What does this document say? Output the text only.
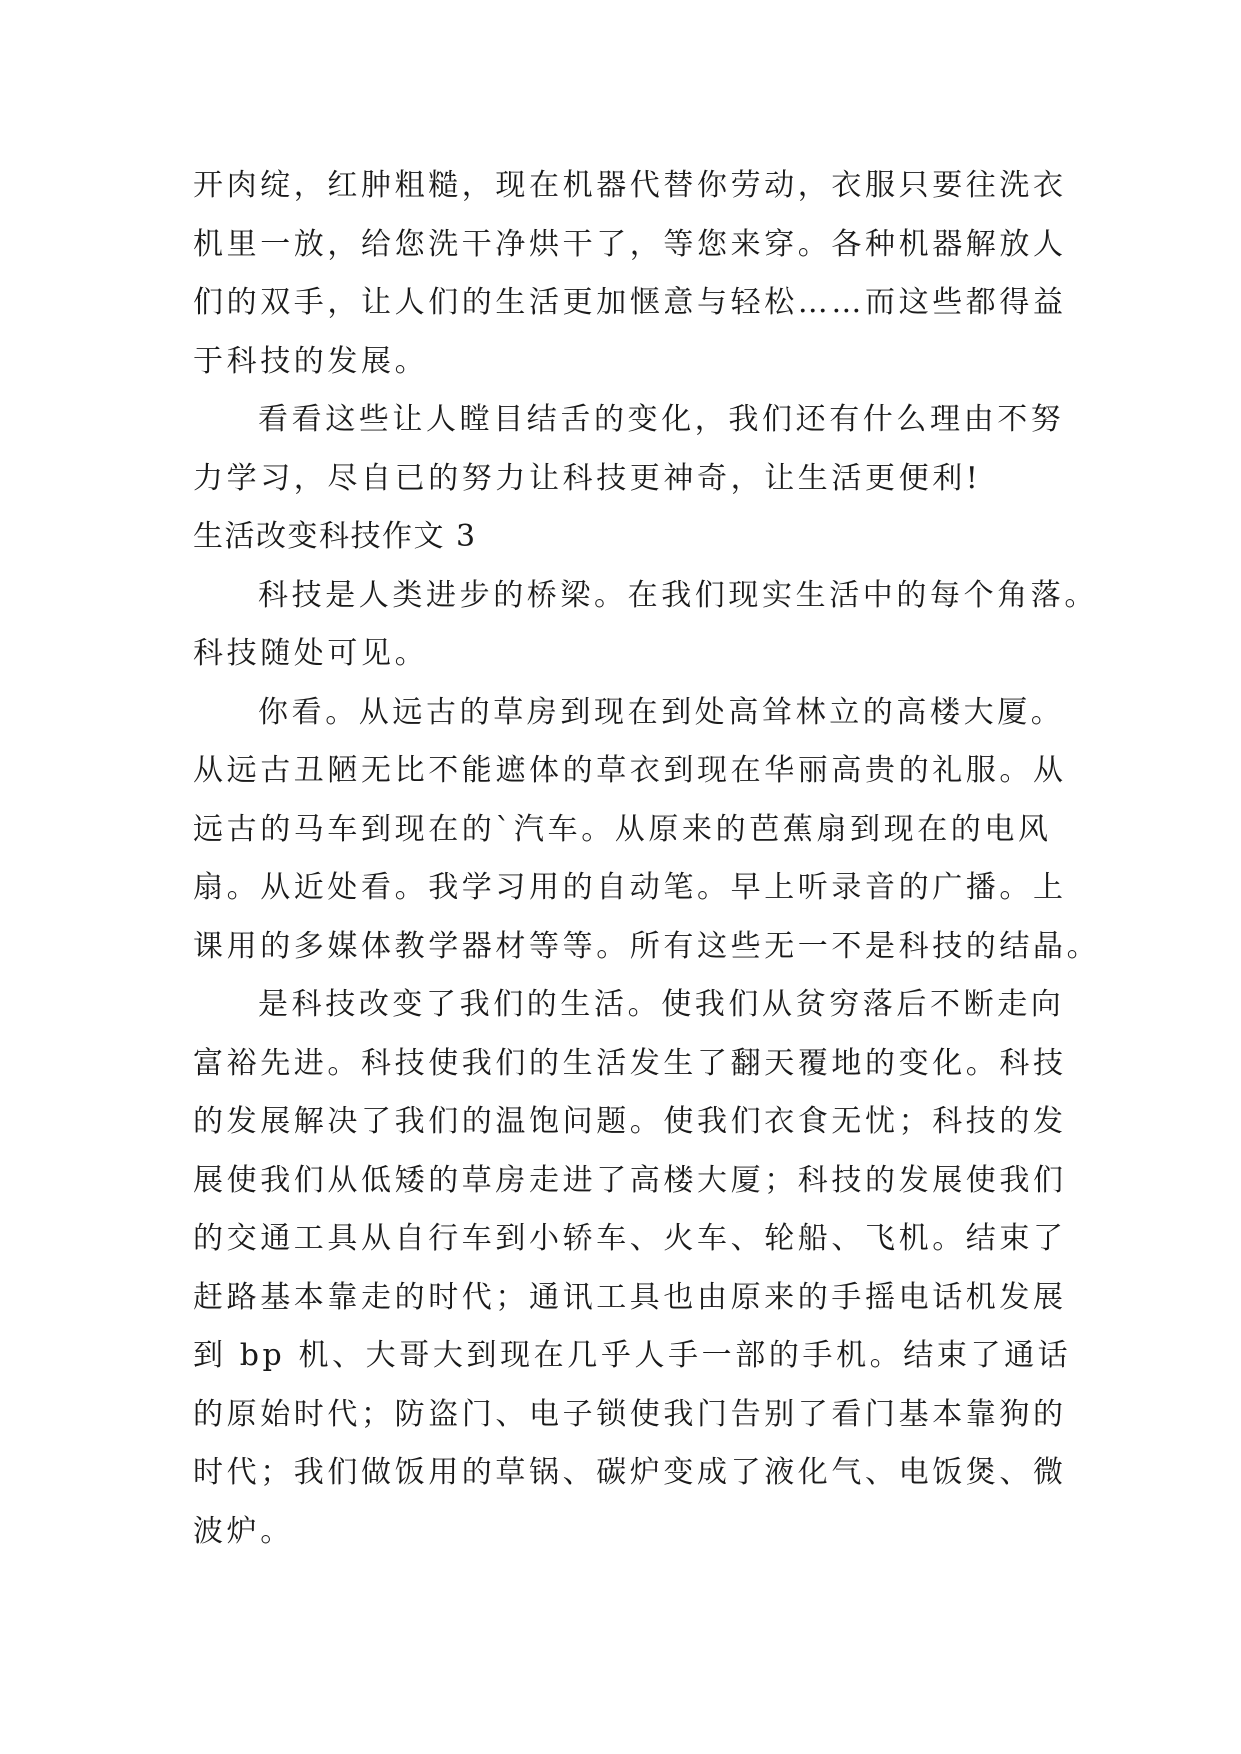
开肉绽，红肿粗糙，现在机器代替你劳动，衣服只要往洗衣
机里一放，给您洗干净烘干了，等您来穿。各种机器解放人
们的双手，让人们的生活更加惬意与轻松……而这些都得益
于科技的发展。
看看这些让人瞠目结舌的变化，我们还有什么理由不努
力学习，尽自已的努力让科技更神奇，让生活更便利!
生活改变科技作文 3
科技是人类进步的桥梁。在我们现实生活中的每个角落。
科技随处可见。
你看。从远古的草房到现在到处高耸林立的高楼大厦。
从远古丑陋无比不能遮体的草衣到现在华丽高贵的礼服。从
远古的马车到现在的`汽车。从原来的芭蕉扇到现在的电风
扇。从近处看。我学习用的自动笔。早上听录音的广播。上
课用的多媒体教学器材等等。所有这些无一不是科技的结晶。
是科技改变了我们的生活。使我们从贫穷落后不断走向
富裕先进。科技使我们的生活发生了翻天覆地的变化。科技
的发展解决了我们的温饱问题。使我们衣食无忧；科技的发
展使我们从低矮的草房走进了高楼大厦；科技的发展使我们
的交通工具从自行车到小轿车、火车、轮船、飞机。结束了
赶路基本靠走的时代；通讯工具也由原来的手摇电话机发展
到 bp 机、大哥大到现在几乎人手一部的手机。结束了通话
的原始时代；防盗门、电子锁使我门告别了看门基本靠狗的
时代；我们做饭用的草锅、碳炉变成了液化气、电饭煲、微
波炉。
